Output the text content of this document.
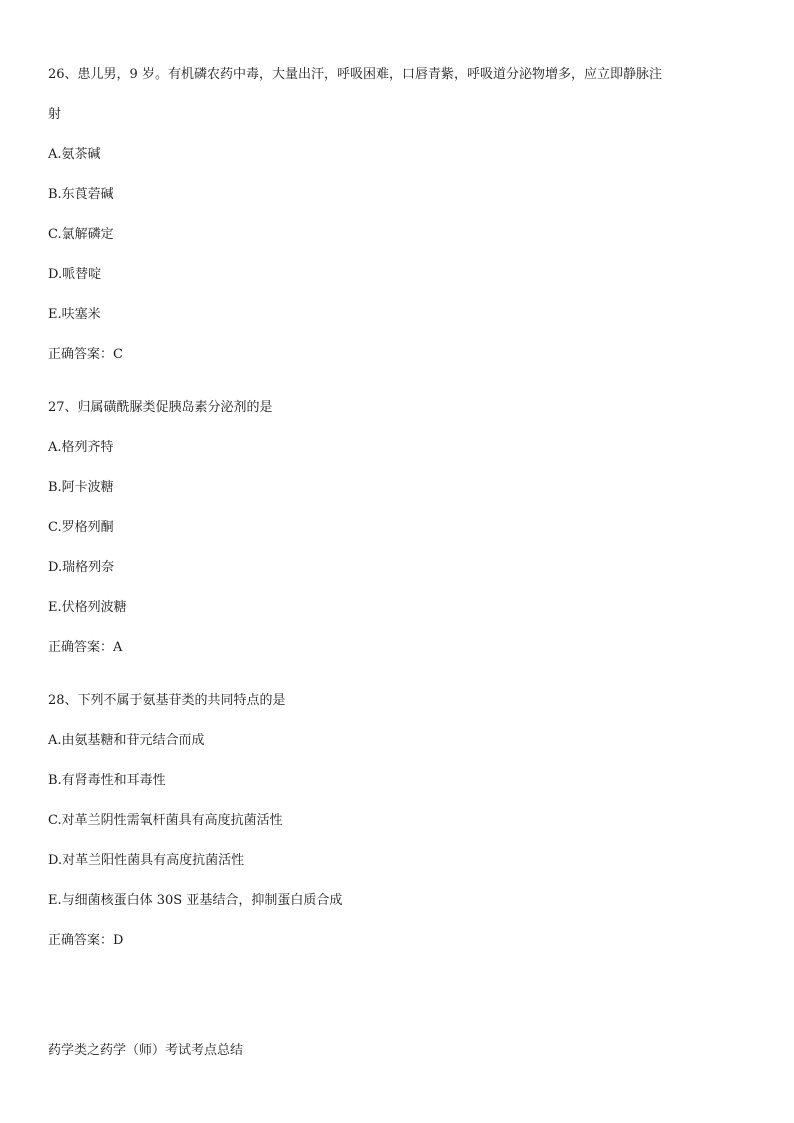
26、患儿男，9 岁。有机磷农药中毒，大量出汗，呼吸困难，口唇青紫，呼吸道分泌物增多，应立即静脉注
射
A.氨茶碱
B.东莨菪碱
C.氯解磷定
D.哌替啶
E.呋塞米
正确答案：C
27、归属磺酰脲类促胰岛素分泌剂的是
A.格列齐特
B.阿卡波糖
C.罗格列酮
D.瑞格列奈
E.伏格列波糖
正确答案：A
28、下列不属于氨基苷类的共同特点的是
A.由氨基糖和苷元结合而成
B.有肾毒性和耳毒性
C.对革兰阴性需氧杆菌具有高度抗菌活性
D.对革兰阳性菌具有高度抗菌活性
E.与细菌核蛋白体 30S 亚基结合，抑制蛋白质合成
正确答案：D
药学类之药学（师）考试考点总结
